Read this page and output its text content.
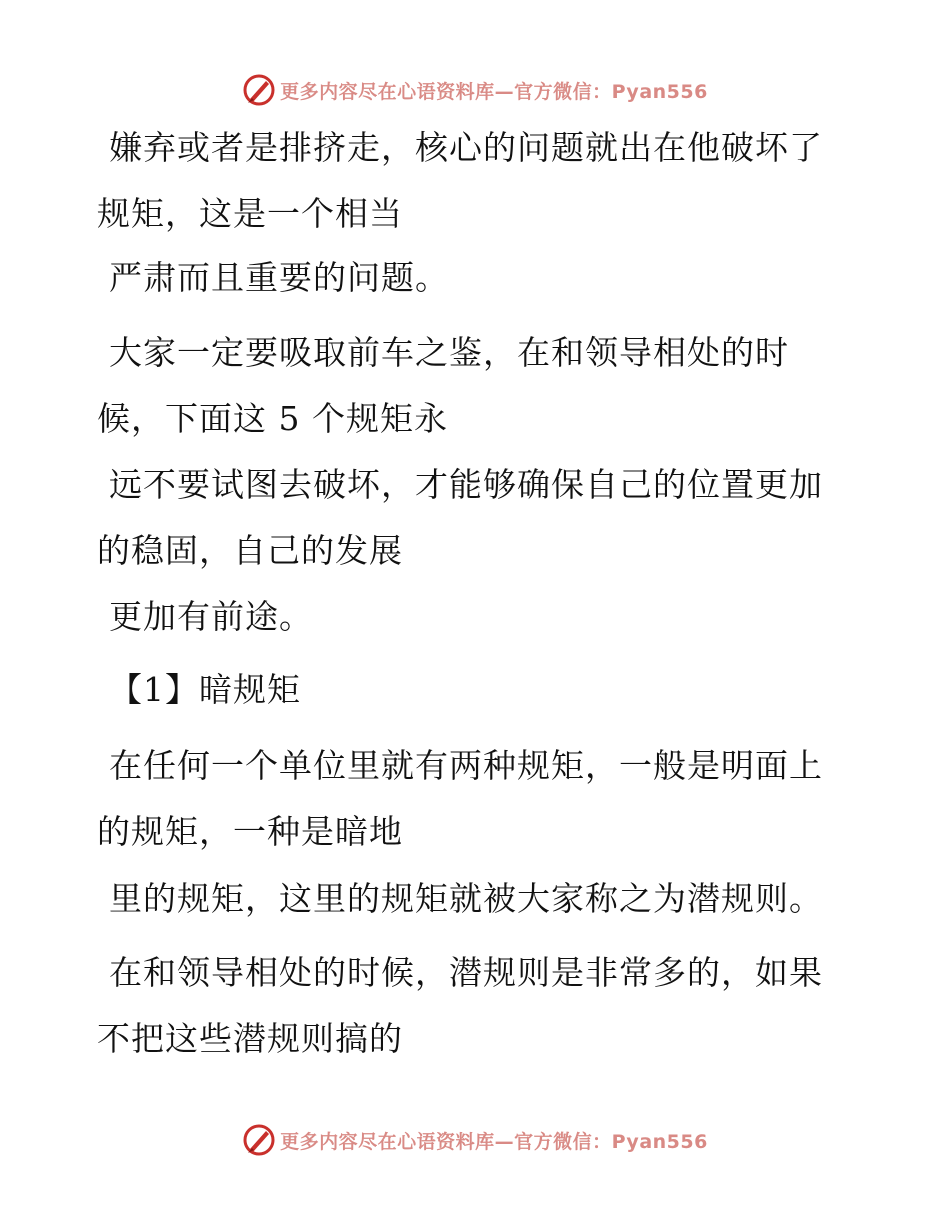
更多内容尽在心语资料库—官方微信：Pyan556
嫌弃或者是排挤走，核心的问题就出在他破坏了
规矩，这是一个相当
严肃而且重要的问题。
大家一定要吸取前车之鉴，在和领导相处的时
候，下面这 5 个规矩永
远不要试图去破坏，才能够确保自己的位置更加
的稳固，自己的发展
更加有前途。
【1】暗规矩
在任何一个单位里就有两种规矩，一般是明面上
的规矩，一种是暗地
里的规矩，这里的规矩就被大家称之为潜规则。
在和领导相处的时候，潜规则是非常多的，如果
不把这些潜规则搞的
更多内容尽在心语资料库—官方微信：Pyan556
